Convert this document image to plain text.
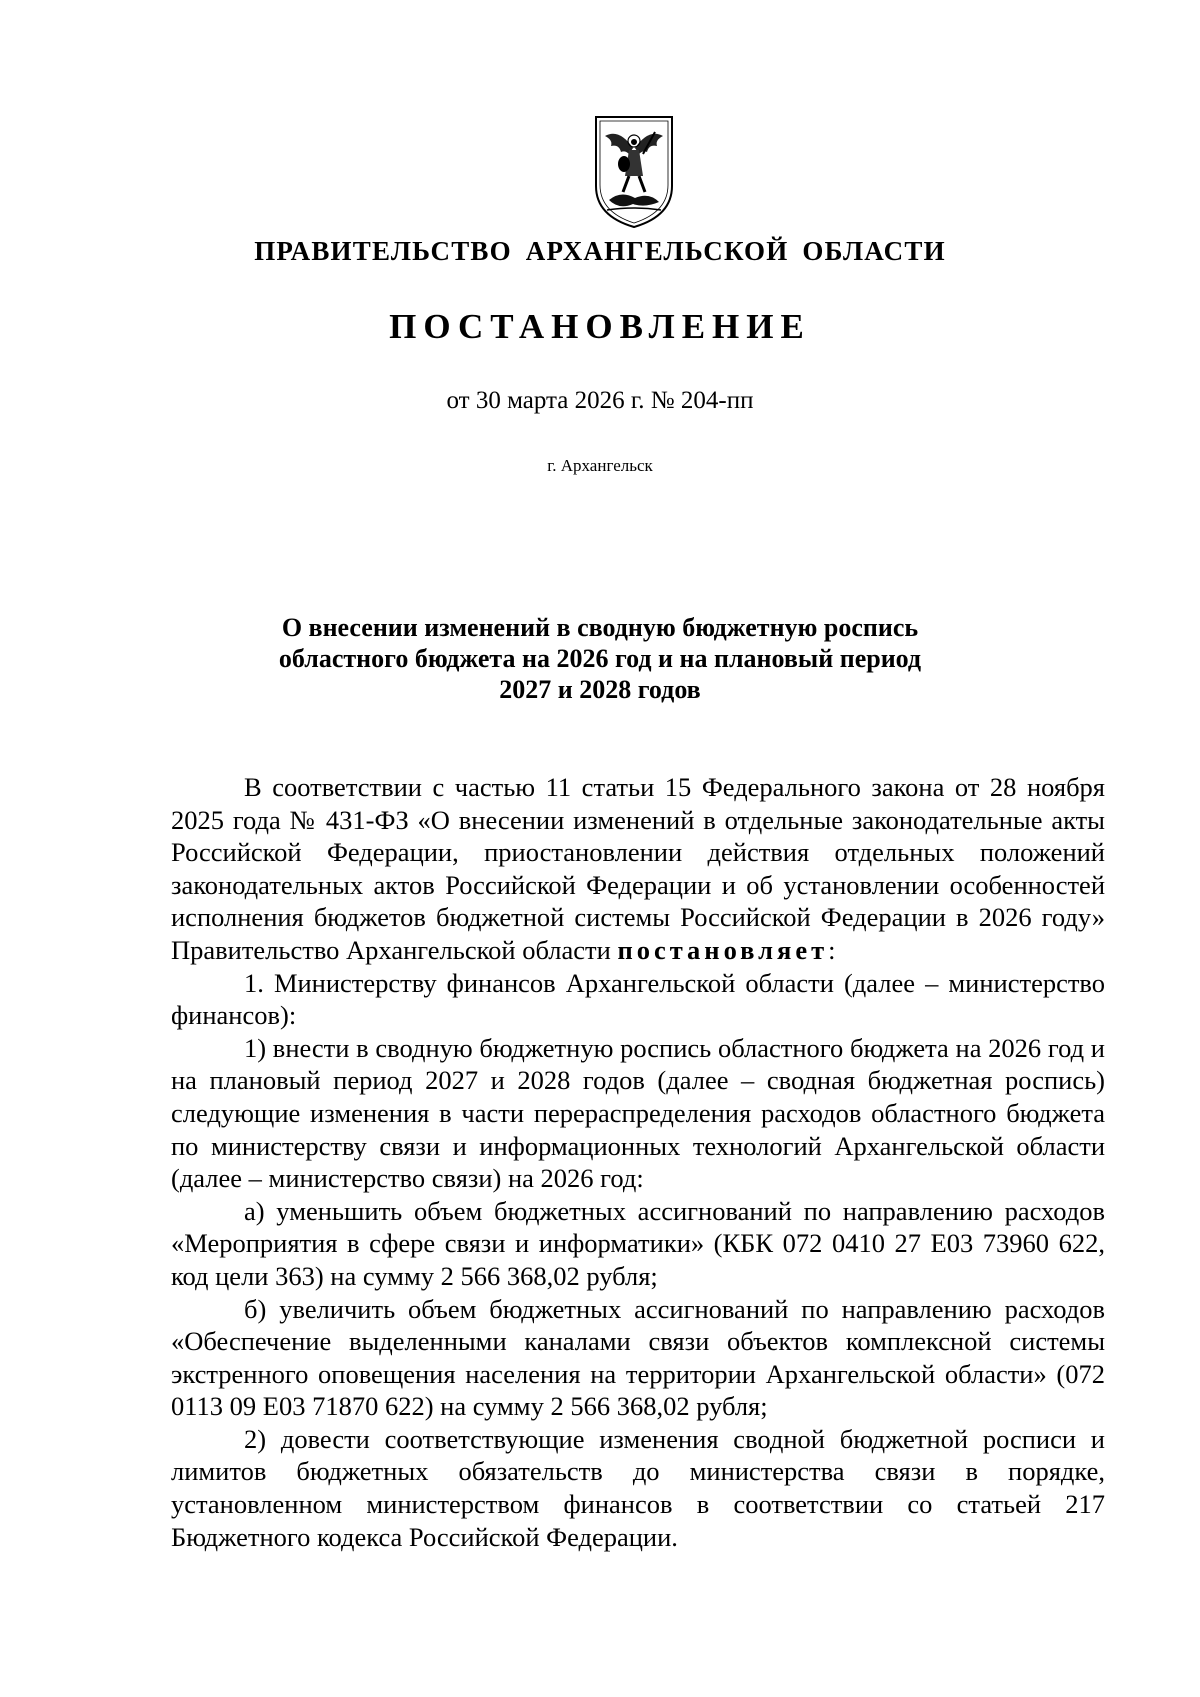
ПРАВИТЕЛЬСТВО АРХАНГЕЛЬСКОЙ ОБЛАСТИ
ПОСТАНОВЛЕНИЕ
от 30 марта 2026 г. № 204-пп
г. Архангельск
О внесении изменений в сводную бюджетную роспись
областного бюджета на 2026 год и на плановый период
2027 и 2028 годов

В соответствии с частью 11 статьи 15 Федерального закона от 28 ноября 2025 года № 431-ФЗ «О внесении изменений в отдельные законодательные акты Российской Федерации, приостановлении действия отдельных положений законодательных актов Российской Федерации и об установлении особенностей исполнения бюджетов бюджетной системы Российской Федерации в 2026 году» Правительство Архангельской области постановляет:

1. Министерству финансов Архангельской области (далее – министерство финансов):

1) внести в сводную бюджетную роспись областного бюджета на 2026 год и на плановый период 2027 и 2028 годов (далее – сводная бюджетная роспись) следующие изменения в части перераспределения расходов областного бюджета по министерству связи и информационных технологий Архангельской области (далее – министерство связи) на 2026 год:

а) уменьшить объем бюджетных ассигнований по направлению расходов «Мероприятия в сфере связи и информатики» (КБК 072 0410 27 Е03 73960 622, код цели 363) на сумму 2 566 368,02 рубля;

б) увеличить объем бюджетных ассигнований по направлению расходов «Обеспечение выделенными каналами связи объектов комплексной системы экстренного оповещения населения на территории Архангельской области» (072 0113 09 Е03 71870 622) на сумму 2 566 368,02 рубля;

2) довести соответствующие изменения сводной бюджетной росписи и лимитов бюджетных обязательств до министерства связи в порядке, установленном министерством финансов в соответствии со статьей 217 Бюджетного кодекса Российской Федерации.
